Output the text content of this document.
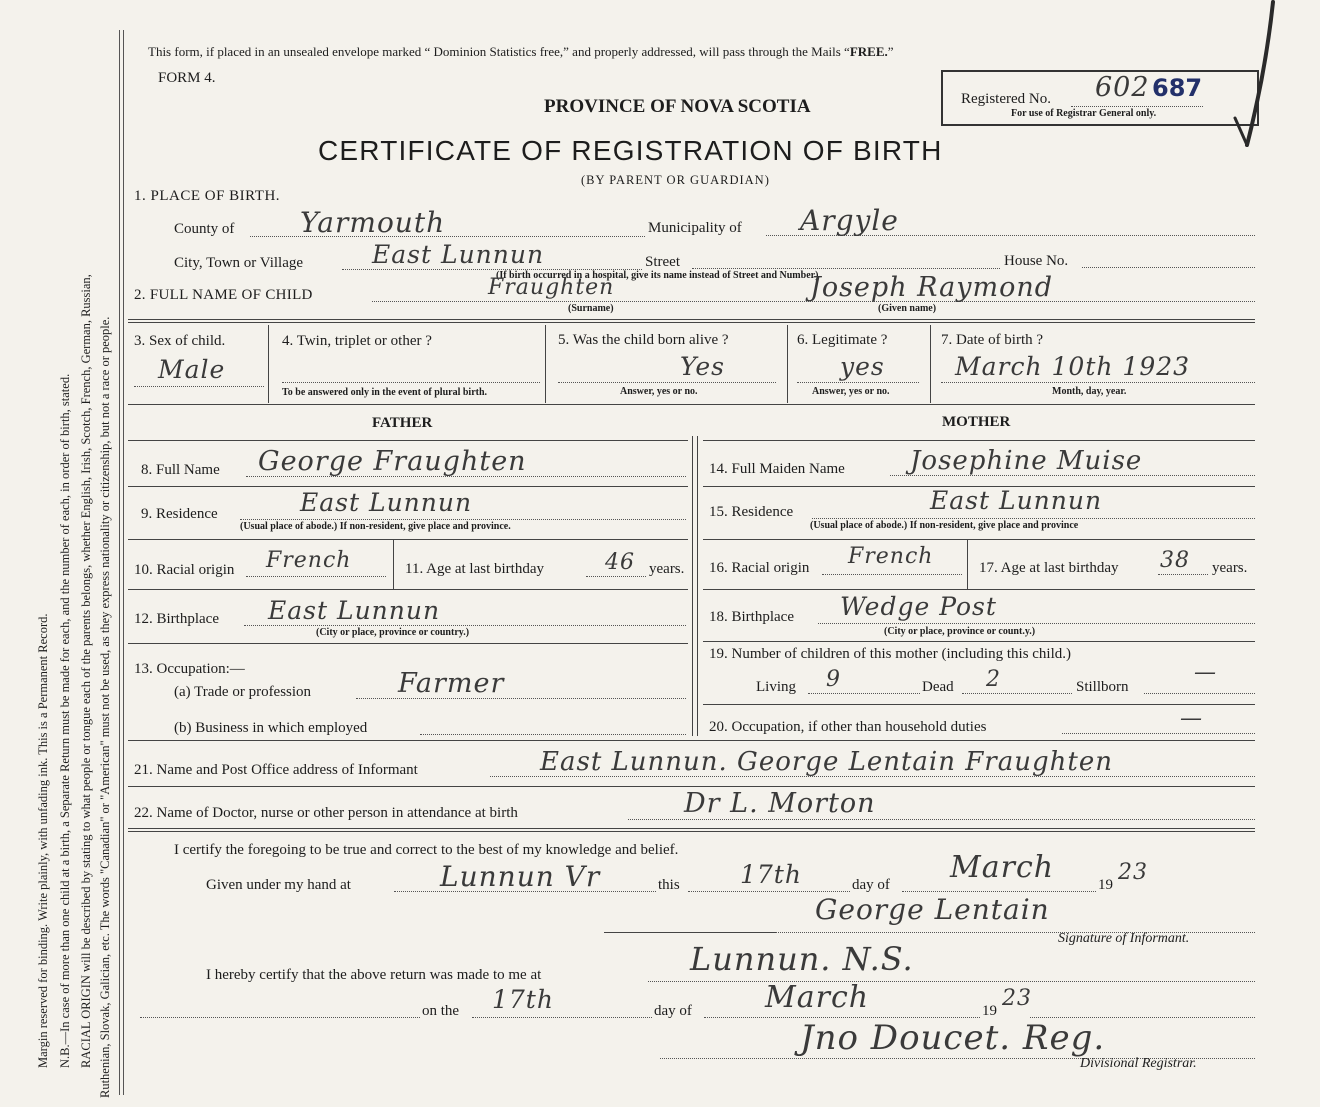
Margin reserved for binding. Write plainly, with unfading ink. This is a Permanent Record. N.B.—In case of more than one child at a birth, a Separate Return must be made for each, and the number of each, in order of birth, stated. RACIAL ORIGIN will be described by stating to what people or tongue each of the parents belongs, whether English, Irish, Scotch, French, German, Russian, Ruthenian, Slovak, Galician, etc. The words "Canadian" or "American" must not be used, as they express nationality or citizenship, but not a race or people.
This form, if placed in an unsealed envelope marked “ Dominion Statistics free,” and properly addressed, will pass through the Mails “FREE.”
FORM 4.
PROVINCE OF NOVA SCOTIA
CERTIFICATE OF REGISTRATION OF BIRTH
(BY PARENT OR GUARDIAN)
Registered No. 602 687
For use of Registrar General only.
1. PLACE OF BIRTH.
County of Yarmouth	Municipality of Argyle
City, Town or Village	East Lunnun	Street	House No.
(If birth occurred in a hospital, give its name instead of Street and Number)
2. FULL NAME OF CHILD	Fraughten
(Surname)
Joseph Raymond
(Given name)
3. Sex of child.
Male
4. Twin, triplet or other ?
To be answered only in the event of plural birth.
5. Was the child born alive ?
Yes
Answer, yes or no.
6. Legitimate ?
yes
Answer, yes or no.
7. Date of birth ?
March 10th 1923
Month, day, year.
FATHER	MOTHER
8. Full Name George Fraughten
9. Residence	East Lunnun
(Usual place of abode.) If non-resident, give place and province.
10. Racial origin French	11. Age at last birthday	46 years.
12. Birthplace East Lunnun
(City or place, province or country.)
13. Occupation:—
(a) Trade or profession	Farmer
(b) Business in which employed
14. Full Maiden Name	Josephine Muise
15. Residence	East Lunnun
(Usual place of abode.) If non-resident, give place and province
16. Racial origin French	17. Age at last birthday 38 years.
18. Birthplace Wedge Post
(City or place, province or count.y.)
19. Number of children of this mother (including this child.)
Living 9	Dead 2	Stillborn
—
20. Occupation, if other than household duties	—
21. Name and Post Office address of Informant	East Lunnun. George Lentain Fraughten
22. Name of Doctor, nurse or other person in attendance at birth	Dr L. Morton
I certify the foregoing to be true and correct to the best of my knowledge and belief.
Given under my hand at	Lunnun Vr	this 17th	day of March	19 23
George Lentain
Signature of Informant.
I hereby certify that the above return was made to me at	Lunnun. N.S.
on the 17th	day of March	19 23
Jno Doucet. Reg.
Divisional Registrar.
